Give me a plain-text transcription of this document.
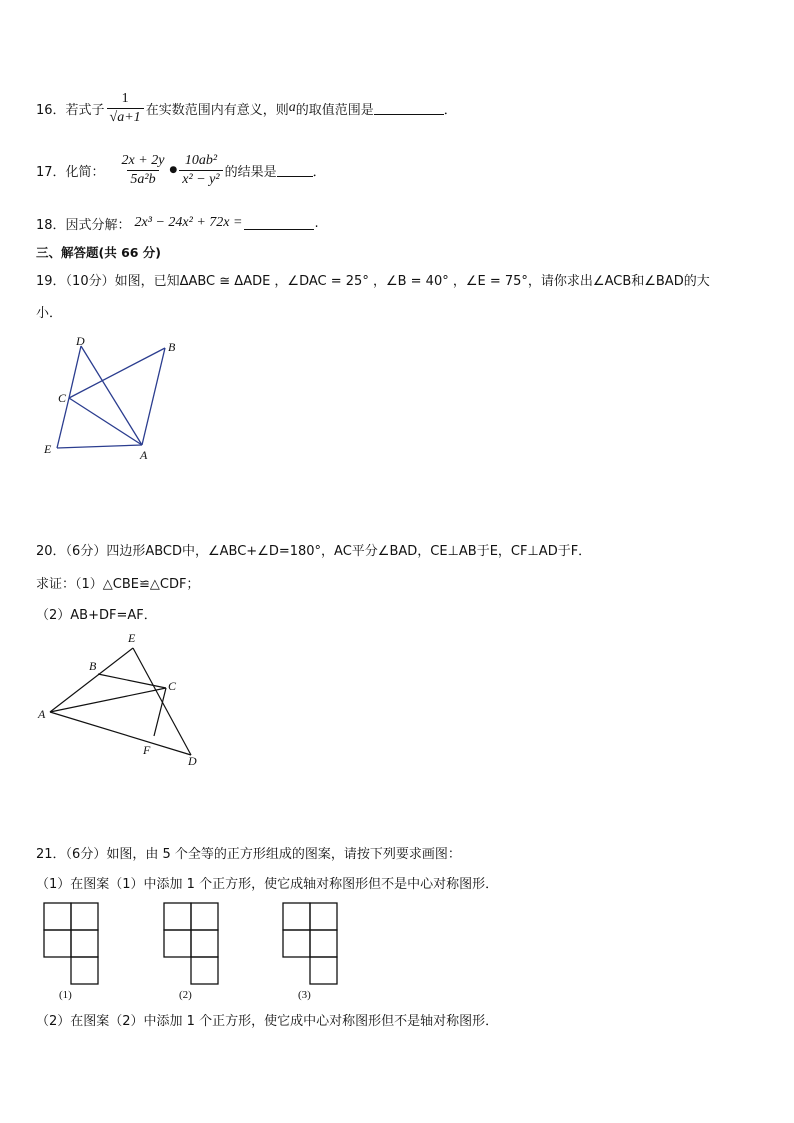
16．若式子 $\frac{1}{√a+1}$ 在实数范围内有意义，则 a 的取值范围是	．
17．化简： $\frac{2x + 2y}{\text{5a²b}}$ ● $\frac{\text{10ab²}}{\text{x² − y²}}$ 的结果是	．
18．因式分解： 2x³ − 24x² + 72x =	.
三、解答题(共 66 分)
19．（10分）如图，已知ΔABC ≅ ΔADE ，∠DAC = 25° ，∠B = 40° ，∠E = 75°，请你求出∠ACB和∠BAD的大
小．
D	B
C
E	A
20．（6分）四边形ABCD中，∠ABC+∠D=180°，AC平分∠BAD，CE⊥AB于E，CF⊥AD于F．
求证：（1）△CBE≌△CDF；
（2）AB+DF=AF．
E
B
C
A
F
D
21．（6分）如图，由 5 个全等的正方形组成的图案，请按下列要求画图：
（1）在图案（1）中添加 1 个正方形，使它成轴对称图形但不是中心对称图形．
(1)	(2)	(3)
（2）在图案（2）中添加 1 个正方形，使它成中心对称图形但不是轴对称图形．
